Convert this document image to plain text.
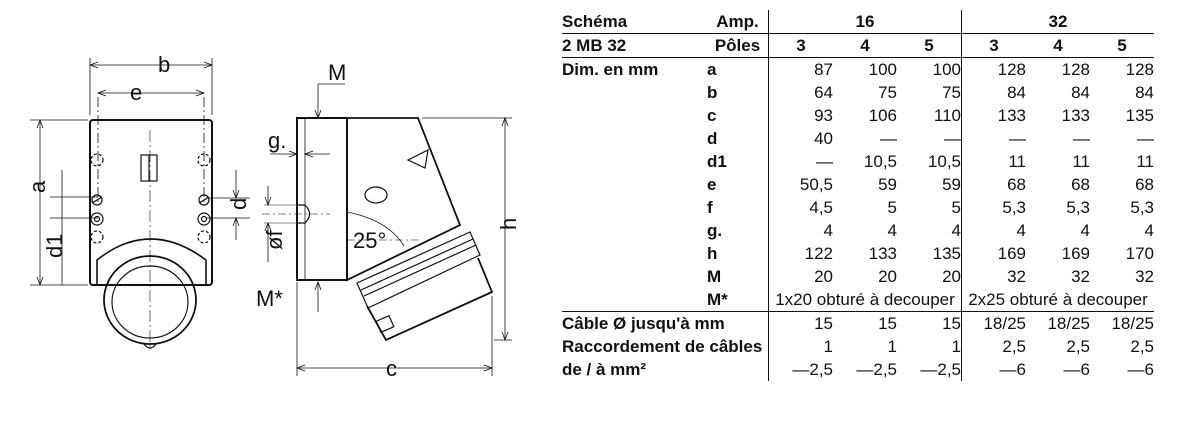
b
e
a
d
d1
M
g.
øf	25°
h
M*
c
Schéma	Amp.	16			32		
2 MB 32	Pôles	3	4	5	3	4	5
Dim. en mm	a	87	100	100	128	128	128
	b	64	75	75	84	84	84
	c	93	106	110	133	133	135
	d	40	—	—	—	—	—
	d1	—	10,5	10,5	11	11	11
	e	50,5	59	59	68	68	68
	f	4,5	5	5	5,3	5,3	5,3
	g.	4	4	4	4	4	4
	h	122	133	135	169	169	170
	M	20	20	20	32	32	32
	M*	1x20 obturé à decouper			2x25 obturé à decouper		
Câble Ø jusqu'à mm		15	15	15	18/25	18/25	18/25
Raccordement de câbles		1	1	1	2,5	2,5	2,5
de / à mm²		—2,5	—2,5	—2,5	—6	—6	—6
